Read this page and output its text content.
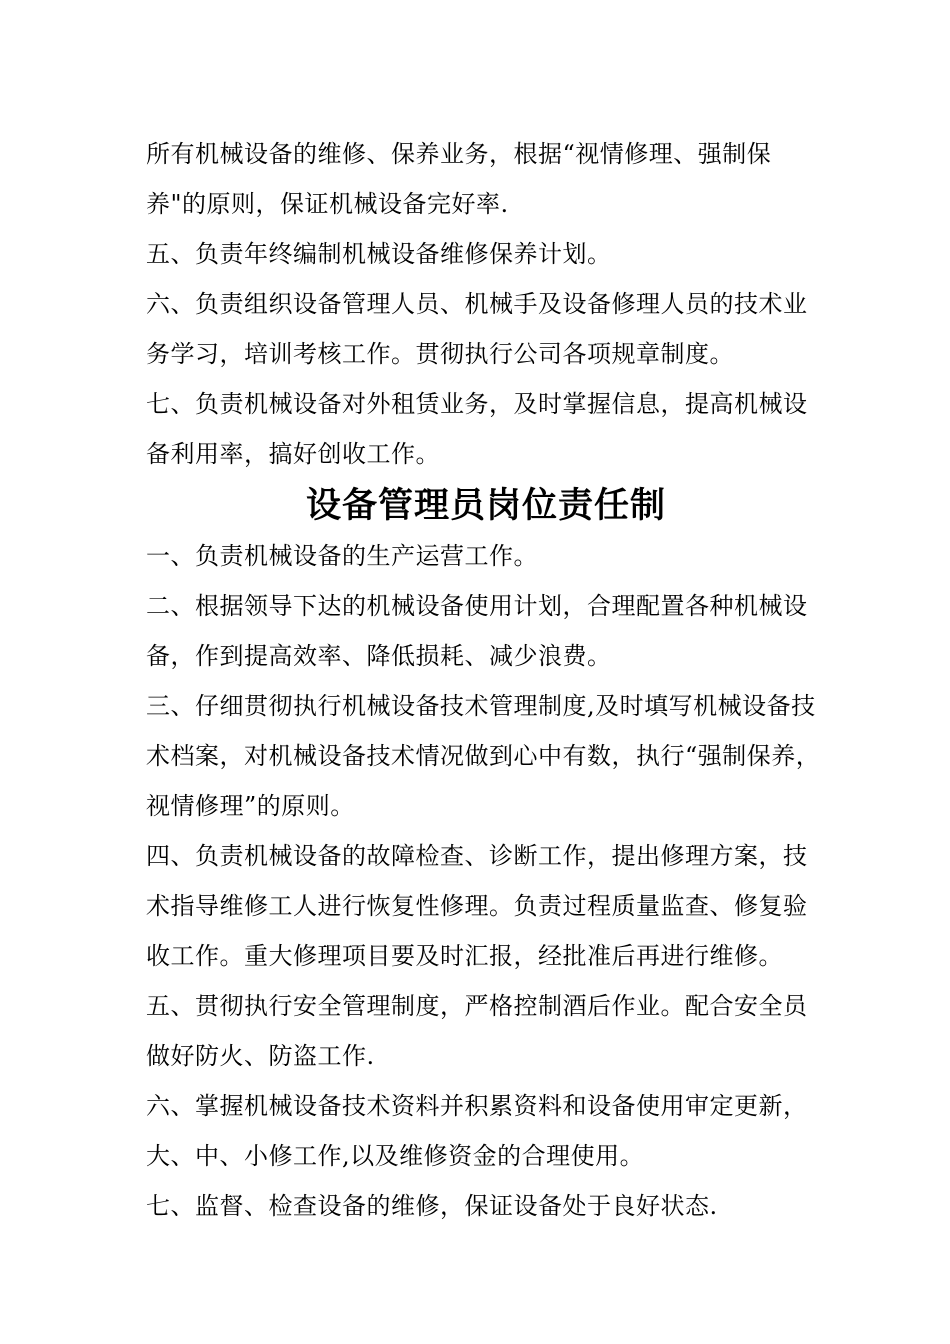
所有机械设备的维修、保养业务，根据“视情修理、强制保
养"的原则，保证机械设备完好率.
五、负责年终编制机械设备维修保养计划。
六、负责组织设备管理人员、机械手及设备修理人员的技术业
务学习，培训考核工作。贯彻执行公司各项规章制度。
七、负责机械设备对外租赁业务，及时掌握信息，提高机械设
备利用率，搞好创收工作。
设备管理员岗位责任制
一、负责机械设备的生产运营工作。
二、根据领导下达的机械设备使用计划，合理配置各种机械设
备，作到提高效率、降低损耗、减少浪费。
三、仔细贯彻执行机械设备技术管理制度,及时填写机械设备技
术档案，对机械设备技术情况做到心中有数，执行“强制保养，
视情修理”的原则。
四、负责机械设备的故障检查、诊断工作，提出修理方案，技
术指导维修工人进行恢复性修理。负责过程质量监查、修复验
收工作。重大修理项目要及时汇报，经批准后再进行维修。
五、贯彻执行安全管理制度，严格控制酒后作业。配合安全员
做好防火、防盗工作.
六、掌握机械设备技术资料并积累资料和设备使用审定更新，
大、中、小修工作,以及维修资金的合理使用。
七、监督、检查设备的维修，保证设备处于良好状态.
